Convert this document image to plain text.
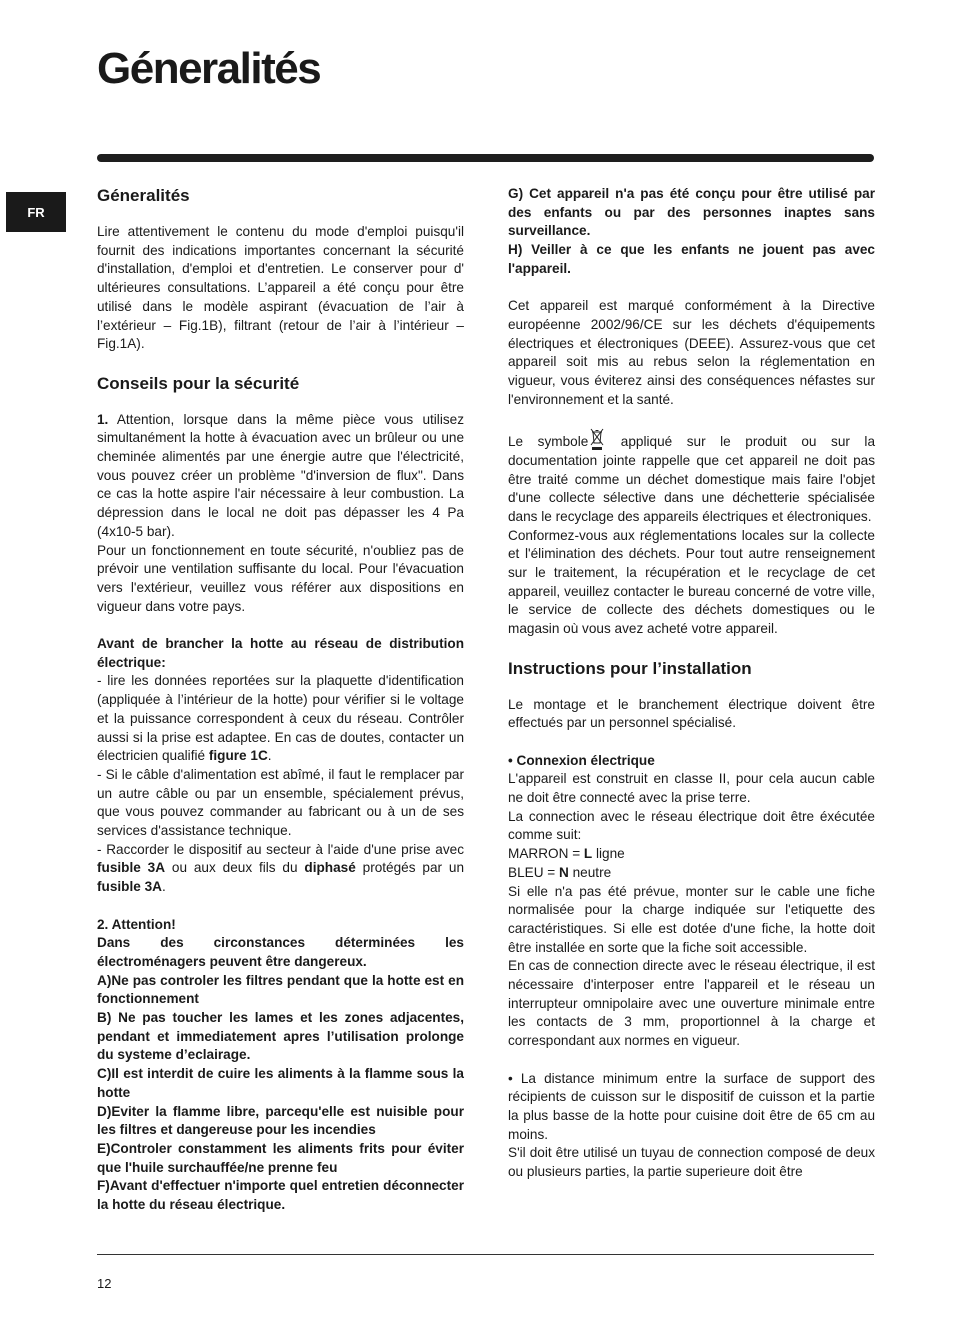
Géneralités
FR
Géneralités

Lire attentivement le contenu du mode d'emploi puisqu'il fournit des indications importantes concernant la sécurité d'installation, d'emploi et d'entretien. Le conserver pour d' ultérieures consultations. L’appareil a été conçu pour être utilisé dans le modèle aspirant (évacuation de l’air à l’extérieur – Fig.1B), filtrant (retour de l’air à l’intérieur – Fig.1A).

Conseils pour la sécurité

1. Attention, lorsque dans la même pièce vous utilisez simultanément la hotte à évacuation avec un brûleur ou une cheminée alimentés par une énergie autre que l'électricité, vous pouvez créer un problème "d'inversion de flux". Dans ce cas la hotte aspire l'air nécessaire à leur combustion. La dépression dans le local ne doit pas dépasser les 4 Pa (4x10-5 bar).

Pour un fonctionnement en toute sécurité, n'oubliez pas de prévoir une ventilation suffisante du local. Pour l'évacuation vers l'extérieur, veuillez vous référer aux dispositions en vigueur dans votre pays.

Avant de brancher la hotte au réseau de distribution électrique:

- lire les données reportées sur la plaquette d'identification (appliquée à l’intérieur de la hotte) pour vérifier si le voltage et la puissance correspondent à ceux du réseau. Contrôler aussi si la prise est adaptee. En cas de doutes, contacter un électricien qualifié figure 1C.

- Si le câble d'alimentation est abîmé, il faut le remplacer par un autre câble ou par un ensemble, spécialement prévus, que vous pouvez commander au fabricant ou à un de ses services d'assistance technique.

- Raccorder le dispositif au secteur à l'aide d'une prise avec fusible 3A ou aux deux fils du diphasé protégés par un fusible 3A.

2. Attention!

Dans des circonstances déterminées les électroménagers peuvent être dangereux.

A)Ne pas controler les filtres pendant que la hotte est en fonctionnement

B) Ne pas toucher les lames et les zones adjacentes, pendant et immediatement apres l’utilisation prolonge du systeme d’eclairage.

C)Il est interdit de cuire les aliments à la flamme sous la hotte

D)Eviter la flamme libre, parcequ'elle est nuisible pour les filtres et dangereuse pour les incendies

E)Controler constamment les aliments frits pour éviter que l'huile surchauffée/ne prenne feu

F)Avant d'effectuer n'importe quel entretien déconnecter la hotte du réseau électrique.

G) Cet appareil n'a pas été conçu pour être utilisé par des enfants ou par des personnes inaptes sans surveillance.

H) Veiller à ce que les enfants ne jouent pas avec l'appareil.

Cet appareil est marqué conformément à la Directive européenne 2002/96/CE sur les déchets d'équipements électriques et électroniques (DEEE). Assurez-vous que cet appareil soit mis au rebus selon la réglementation en vigueur, vous éviterez ainsi des conséquences néfastes sur l'environnement et la santé.

Le symbole appliqué sur le produit ou sur la documentation jointe rappelle que cet appareil ne doit pas être traité comme un déchet domestique mais faire l'objet d'une collecte sélective dans une déchetterie spécialisée dans le recyclage des appareils électriques et électroniques.

Conformez-vous aux réglementations locales sur la collecte et l'élimination des déchets. Pour tout autre renseignement sur le traitement, la récupération et le recyclage de cet appareil, veuillez contacter le bureau concerné de votre ville, le service de collecte des déchets domestiques ou le magasin où vous avez acheté votre appareil.

Instructions pour l’installation

Le montage et le branchement électrique doivent être effectués par un personnel spécialisé.

• Connexion électrique

L'appareil est construit en classe II, pour cela aucun cable ne doit être connecté avec la prise terre.

La connection avec le réseau électrique doit être éxécutée comme suit:

MARRON = L ligne

BLEU = N neutre

Si elle n'a pas été prévue, monter sur le cable une fiche normalisée pour la charge indiquée sur l'etiquette des caractéristiques. Si elle est dotée d'une fiche, la hotte doit être installée en sorte que la fiche soit accessible.

En cas de connection directe avec le réseau électrique, il est nécessaire d'interposer entre l'appareil et le réseau un interrupteur omnipolaire avec une ouverture minimale entre les contacts de 3 mm, proportionnel à la charge et correspondant aux normes en vigueur.

• La distance minimum entre la surface de support des récipients de cuisson sur le dispositif de cuisson et la partie la plus basse de la hotte pour cuisine doit être de 65 cm au moins.

S'il doit être utilisé un tuyau de connection composé de deux ou plusieurs parties, la partie superieure doit être

12
